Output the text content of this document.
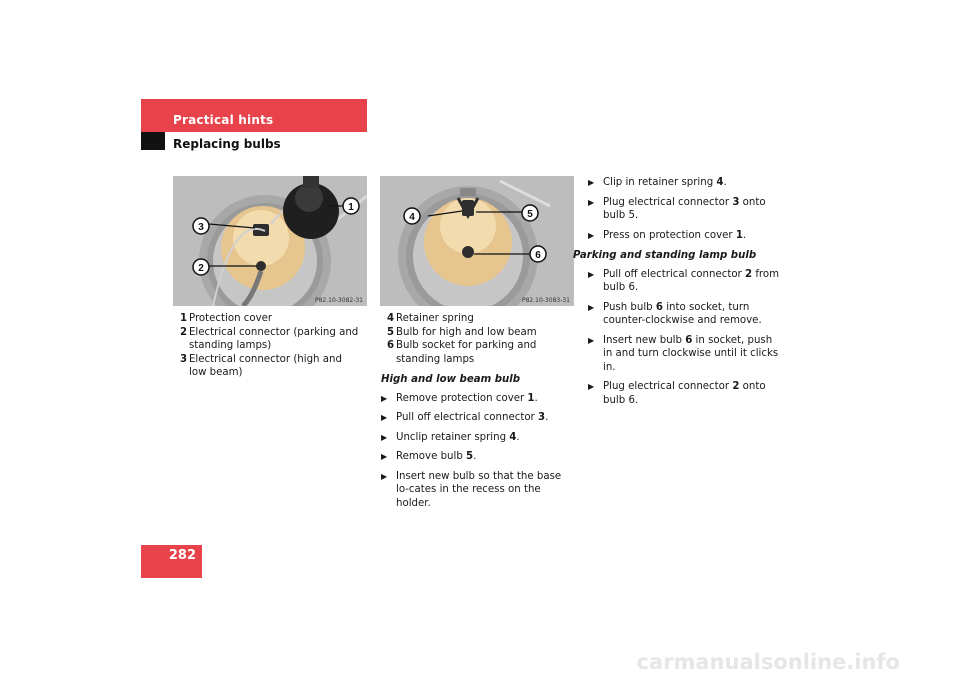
Practical hints
Replacing bulbs
3
2
1
P82.10-3082-31
4	5
6
P82.10-3083-31
1 Protection cover
2 Electrical connector (parking and standing lamps)
3 Electrical connector (high and low beam)
4 Retainer spring
5 Bulb for high and low beam
6 Bulb socket for parking and standing lamps
High and low beam bulb
▶ Remove protection cover 1.
▶ Pull off electrical connector 3.
▶ Unclip retainer spring 4.
▶ Remove bulb 5.
▶ Insert new bulb so that the base lo-cates in the recess on the holder.
▶ Clip in retainer spring 4.
▶ Plug electrical connector 3 onto bulb 5.
▶ Press on protection cover 1.
Parking and standing lamp bulb
▶ Pull off electrical connector 2 from bulb 6.
▶ Push bulb 6 into socket, turn counter-clockwise and remove.
▶ Insert new bulb 6 in socket, push in and turn clockwise until it clicks in.
▶ Plug electrical connector 2 onto bulb 6.
282
carmanualsonline.info
